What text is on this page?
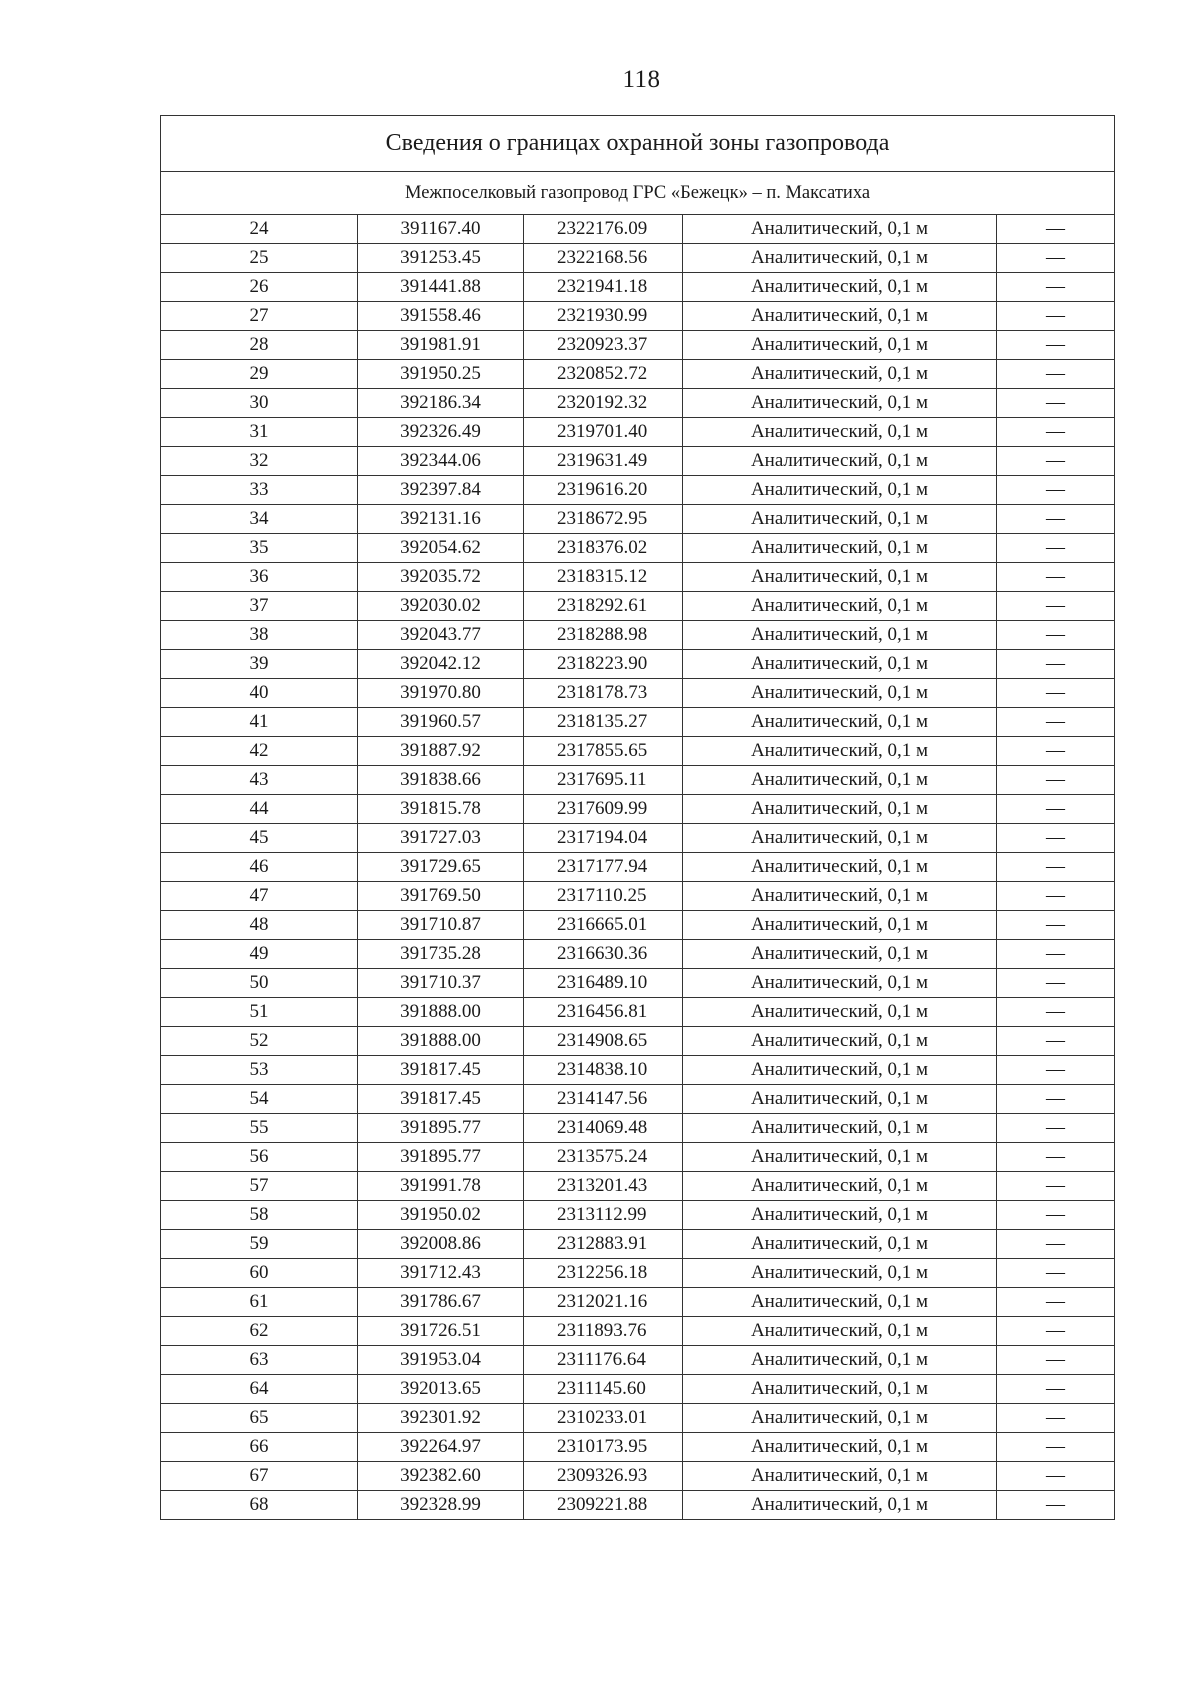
118
Сведения о границах охранной зоны газопровода				
Межпоселковый газопровод ГРС «Бежецк» – п. Максатиха				
24	391167.40	2322176.09	Аналитический, 0,1 м	—
25	391253.45	2322168.56	Аналитический, 0,1 м	—
26	391441.88	2321941.18	Аналитический, 0,1 м	—
27	391558.46	2321930.99	Аналитический, 0,1 м	—
28	391981.91	2320923.37	Аналитический, 0,1 м	—
29	391950.25	2320852.72	Аналитический, 0,1 м	—
30	392186.34	2320192.32	Аналитический, 0,1 м	—
31	392326.49	2319701.40	Аналитический, 0,1 м	—
32	392344.06	2319631.49	Аналитический, 0,1 м	—
33	392397.84	2319616.20	Аналитический, 0,1 м	—
34	392131.16	2318672.95	Аналитический, 0,1 м	—
35	392054.62	2318376.02	Аналитический, 0,1 м	—
36	392035.72	2318315.12	Аналитический, 0,1 м	—
37	392030.02	2318292.61	Аналитический, 0,1 м	—
38	392043.77	2318288.98	Аналитический, 0,1 м	—
39	392042.12	2318223.90	Аналитический, 0,1 м	—
40	391970.80	2318178.73	Аналитический, 0,1 м	—
41	391960.57	2318135.27	Аналитический, 0,1 м	—
42	391887.92	2317855.65	Аналитический, 0,1 м	—
43	391838.66	2317695.11	Аналитический, 0,1 м	—
44	391815.78	2317609.99	Аналитический, 0,1 м	—
45	391727.03	2317194.04	Аналитический, 0,1 м	—
46	391729.65	2317177.94	Аналитический, 0,1 м	—
47	391769.50	2317110.25	Аналитический, 0,1 м	—
48	391710.87	2316665.01	Аналитический, 0,1 м	—
49	391735.28	2316630.36	Аналитический, 0,1 м	—
50	391710.37	2316489.10	Аналитический, 0,1 м	—
51	391888.00	2316456.81	Аналитический, 0,1 м	—
52	391888.00	2314908.65	Аналитический, 0,1 м	—
53	391817.45	2314838.10	Аналитический, 0,1 м	—
54	391817.45	2314147.56	Аналитический, 0,1 м	—
55	391895.77	2314069.48	Аналитический, 0,1 м	—
56	391895.77	2313575.24	Аналитический, 0,1 м	—
57	391991.78	2313201.43	Аналитический, 0,1 м	—
58	391950.02	2313112.99	Аналитический, 0,1 м	—
59	392008.86	2312883.91	Аналитический, 0,1 м	—
60	391712.43	2312256.18	Аналитический, 0,1 м	—
61	391786.67	2312021.16	Аналитический, 0,1 м	—
62	391726.51	2311893.76	Аналитический, 0,1 м	—
63	391953.04	2311176.64	Аналитический, 0,1 м	—
64	392013.65	2311145.60	Аналитический, 0,1 м	—
65	392301.92	2310233.01	Аналитический, 0,1 м	—
66	392264.97	2310173.95	Аналитический, 0,1 м	—
67	392382.60	2309326.93	Аналитический, 0,1 м	—
68	392328.99	2309221.88	Аналитический, 0,1 м	—
